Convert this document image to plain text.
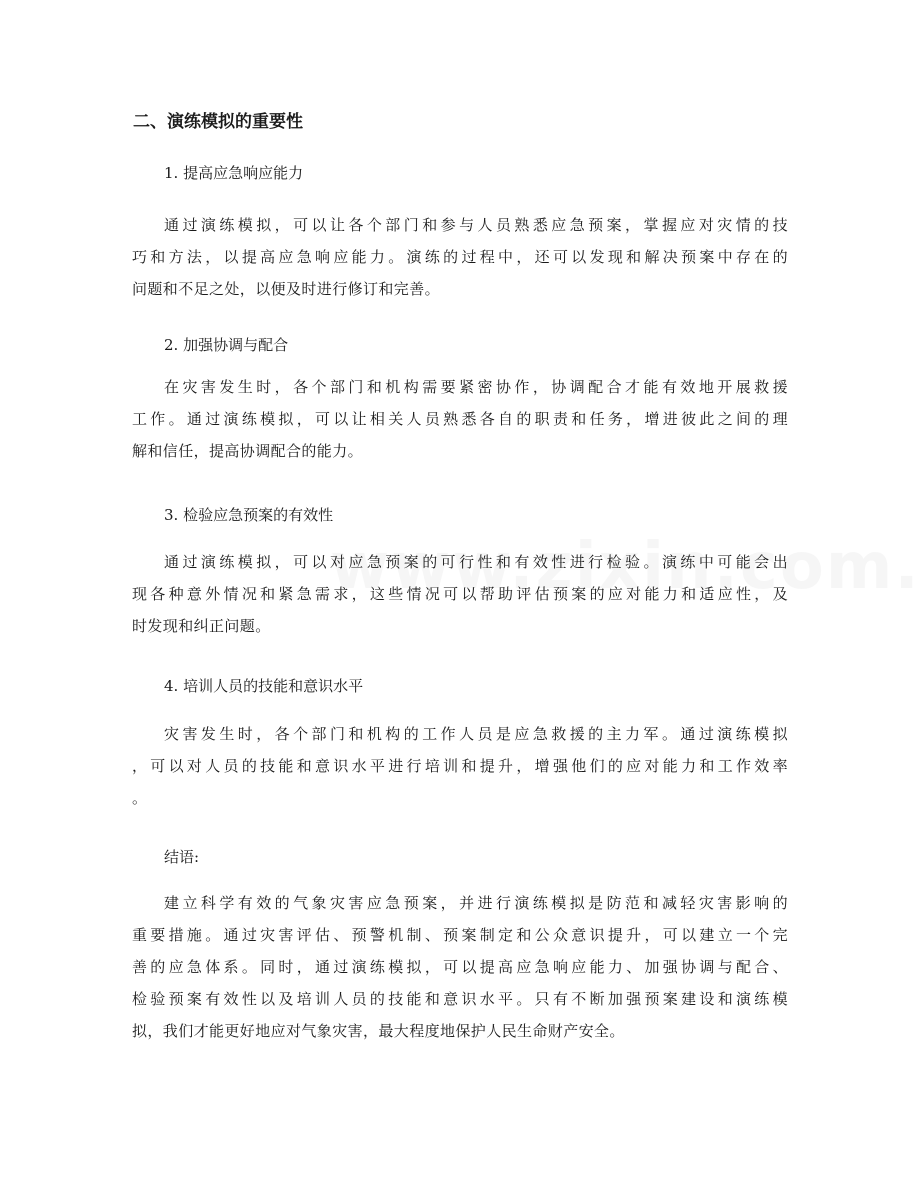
二、演练模拟的重要性
1. 提高应急响应能力
通过演练模拟，可以让各个部门和参与人员熟悉应急预案，掌握应对灾情的技
巧和方法，以提高应急响应能力。演练的过程中，还可以发现和解决预案中存在的
问题和不足之处，以便及时进行修订和完善。
2. 加强协调与配合
在灾害发生时，各个部门和机构需要紧密协作，协调配合才能有效地开展救援
工作。通过演练模拟，可以让相关人员熟悉各自的职责和任务，增进彼此之间的理
解和信任，提高协调配合的能力。
3. 检验应急预案的有效性
通过演练模拟，可以对应急预案的可行性和有效性进行检验。演练中可能会出
现各种意外情况和紧急需求，这些情况可以帮助评估预案的应对能力和适应性，及
时发现和纠正问题。
4. 培训人员的技能和意识水平
灾害发生时，各个部门和机构的工作人员是应急救援的主力军。通过演练模拟
，可以对人员的技能和意识水平进行培训和提升，增强他们的应对能力和工作效率
。
结语:
建立科学有效的气象灾害应急预案，并进行演练模拟是防范和减轻灾害影响的
重要措施。通过灾害评估、预警机制、预案制定和公众意识提升，可以建立一个完
善的应急体系。同时，通过演练模拟，可以提高应急响应能力、加强协调与配合、
检验预案有效性以及培训人员的技能和意识水平。只有不断加强预案建设和演练模
拟，我们才能更好地应对气象灾害，最大程度地保护人民生命财产安全。
